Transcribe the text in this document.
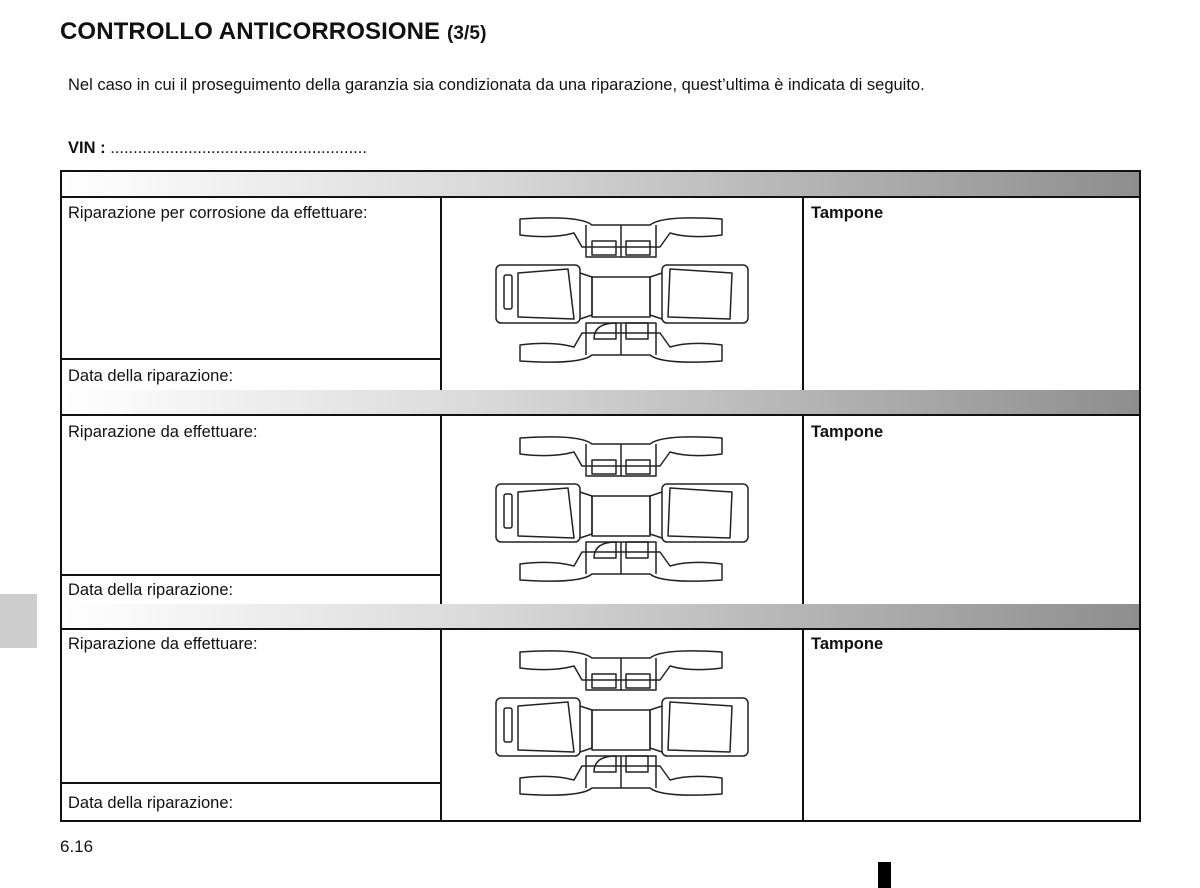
CONTROLLO ANTICORROSIONE (3/5)
Nel caso in cui il proseguimento della garanzia sia condizionata da una riparazione, quest’ultima è indicata di seguito.
VIN : ........................................................
Riparazione per corrosione da effettuare:
Data della riparazione:
Tampone
Riparazione da effettuare:
Data della riparazione:
Tampone
Riparazione da effettuare:
Data della riparazione:
Tampone
6.16
